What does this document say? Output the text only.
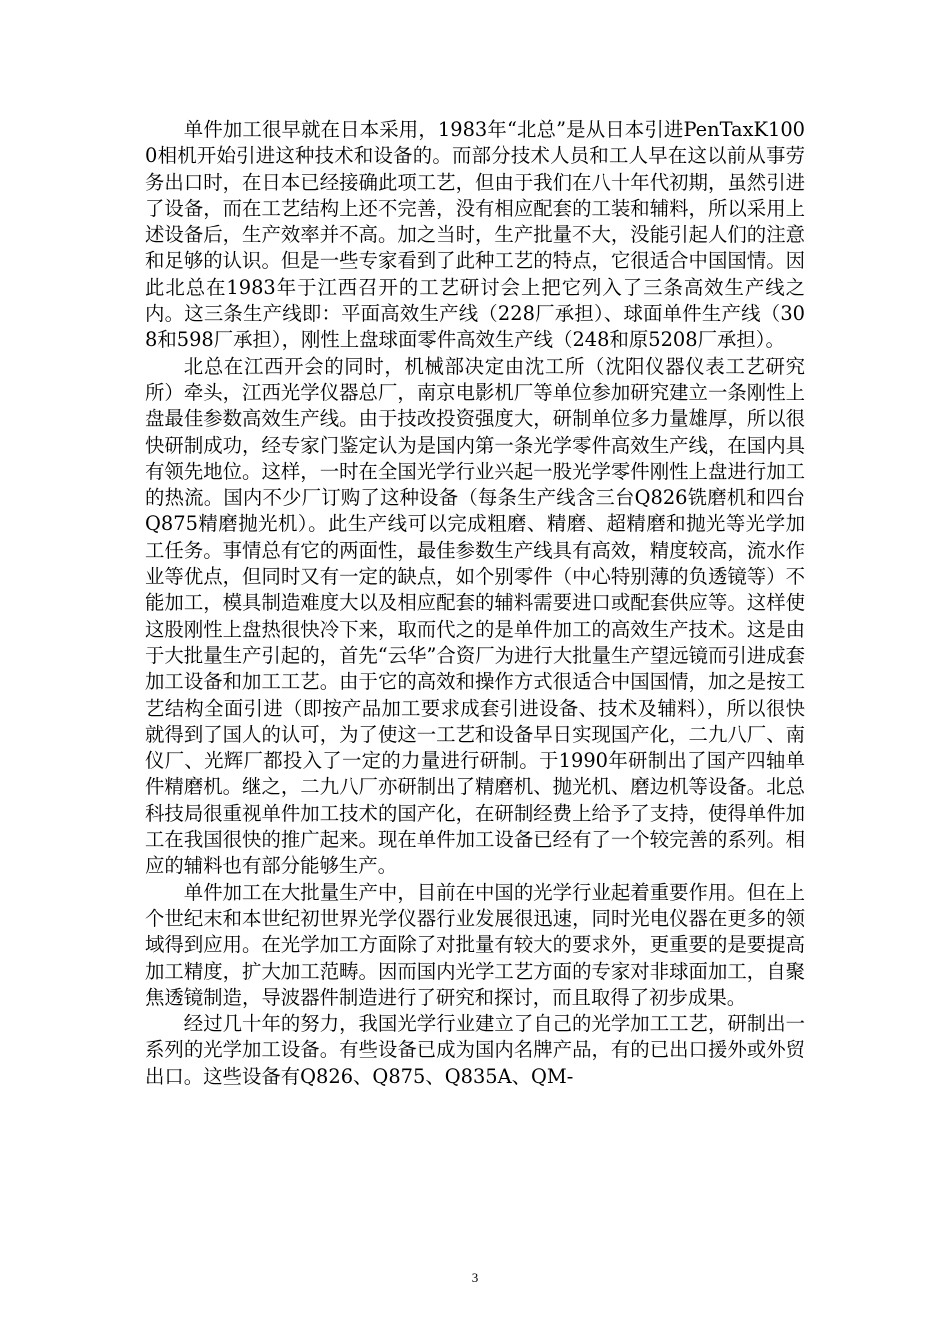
单件加工很早就在日本采用，1983年“北总”是从日本引进PenTaxK1000相机开始引进这种技术和设备的。而部分技术人员和工人早在这以前从事劳务出口时，在日本已经接确此项工艺，但由于我们在八十年代初期，虽然引进了设备，而在工艺结构上还不完善，没有相应配套的工装和辅料，所以采用上述设备后，生产效率并不高。加之当时，生产批量不大，没能引起人们的注意和足够的认识。但是一些专家看到了此种工艺的特点，它很适合中国国情。因此北总在1983年于江西召开的工艺研讨会上把它列入了三条高效生产线之内。这三条生产线即：平面高效生产线（228厂承担）、球面单件生产线（308和598厂承担），刚性上盘球面零件高效生产线（248和原5208厂承担）。

北总在江西开会的同时，机械部决定由沈工所（沈阳仪器仪表工艺研究所）牵头，江西光学仪器总厂，南京电影机厂等单位参加研究建立一条刚性上盘最佳参数高效生产线。由于技改投资强度大，研制单位多力量雄厚，所以很快研制成功，经专家门鉴定认为是国内第一条光学零件高效生产线，在国内具有领先地位。这样，一时在全国光学行业兴起一股光学零件刚性上盘进行加工的热流。国内不少厂订购了这种设备（每条生产线含三台Q826铣磨机和四台Q875精磨抛光机）。此生产线可以完成粗磨、精磨、超精磨和抛光等光学加工任务。事情总有它的两面性，最佳参数生产线具有高效，精度较高，流水作业等优点，但同时又有一定的缺点，如个别零件（中心特别薄的负透镜等）不能加工，模具制造难度大以及相应配套的辅料需要进口或配套供应等。这样使这股刚性上盘热很快冷下来，取而代之的是单件加工的高效生产技术。这是由于大批量生产引起的，首先“云华”合资厂为进行大批量生产望远镜而引进成套加工设备和加工工艺。由于它的高效和操作方式很适合中国国情，加之是按工艺结构全面引进（即按产品加工要求成套引进设备、技术及辅料），所以很快就得到了国人的认可，为了使这一工艺和设备早日实现国产化，二九八厂、南仪厂、光辉厂都投入了一定的力量进行研制。于1990年研制出了国产四轴单件精磨机。继之，二九八厂亦研制出了精磨机、抛光机、磨边机等设备。北总科技局很重视单件加工技术的国产化，在研制经费上给予了支持，使得单件加工在我国很快的推广起来。现在单件加工设备已经有了一个较完善的系列。相应的辅料也有部分能够生产。

单件加工在大批量生产中，目前在中国的光学行业起着重要作用。但在上个世纪末和本世纪初世界光学仪器行业发展很迅速，同时光电仪器在更多的领域得到应用。在光学加工方面除了对批量有较大的要求外，更重要的是要提高加工精度，扩大加工范畴。因而国内光学工艺方面的专家对非球面加工，自聚焦透镜制造，导波器件制造进行了研究和探讨，而且取得了初步成果。

经过几十年的努力，我国光学行业建立了自己的光学加工工艺，研制出一系列的光学加工设备。有些设备已成为国内名牌产品，有的已出口援外或外贸出口。这些设备有Q826、Q875、Q835A、QM-

3
